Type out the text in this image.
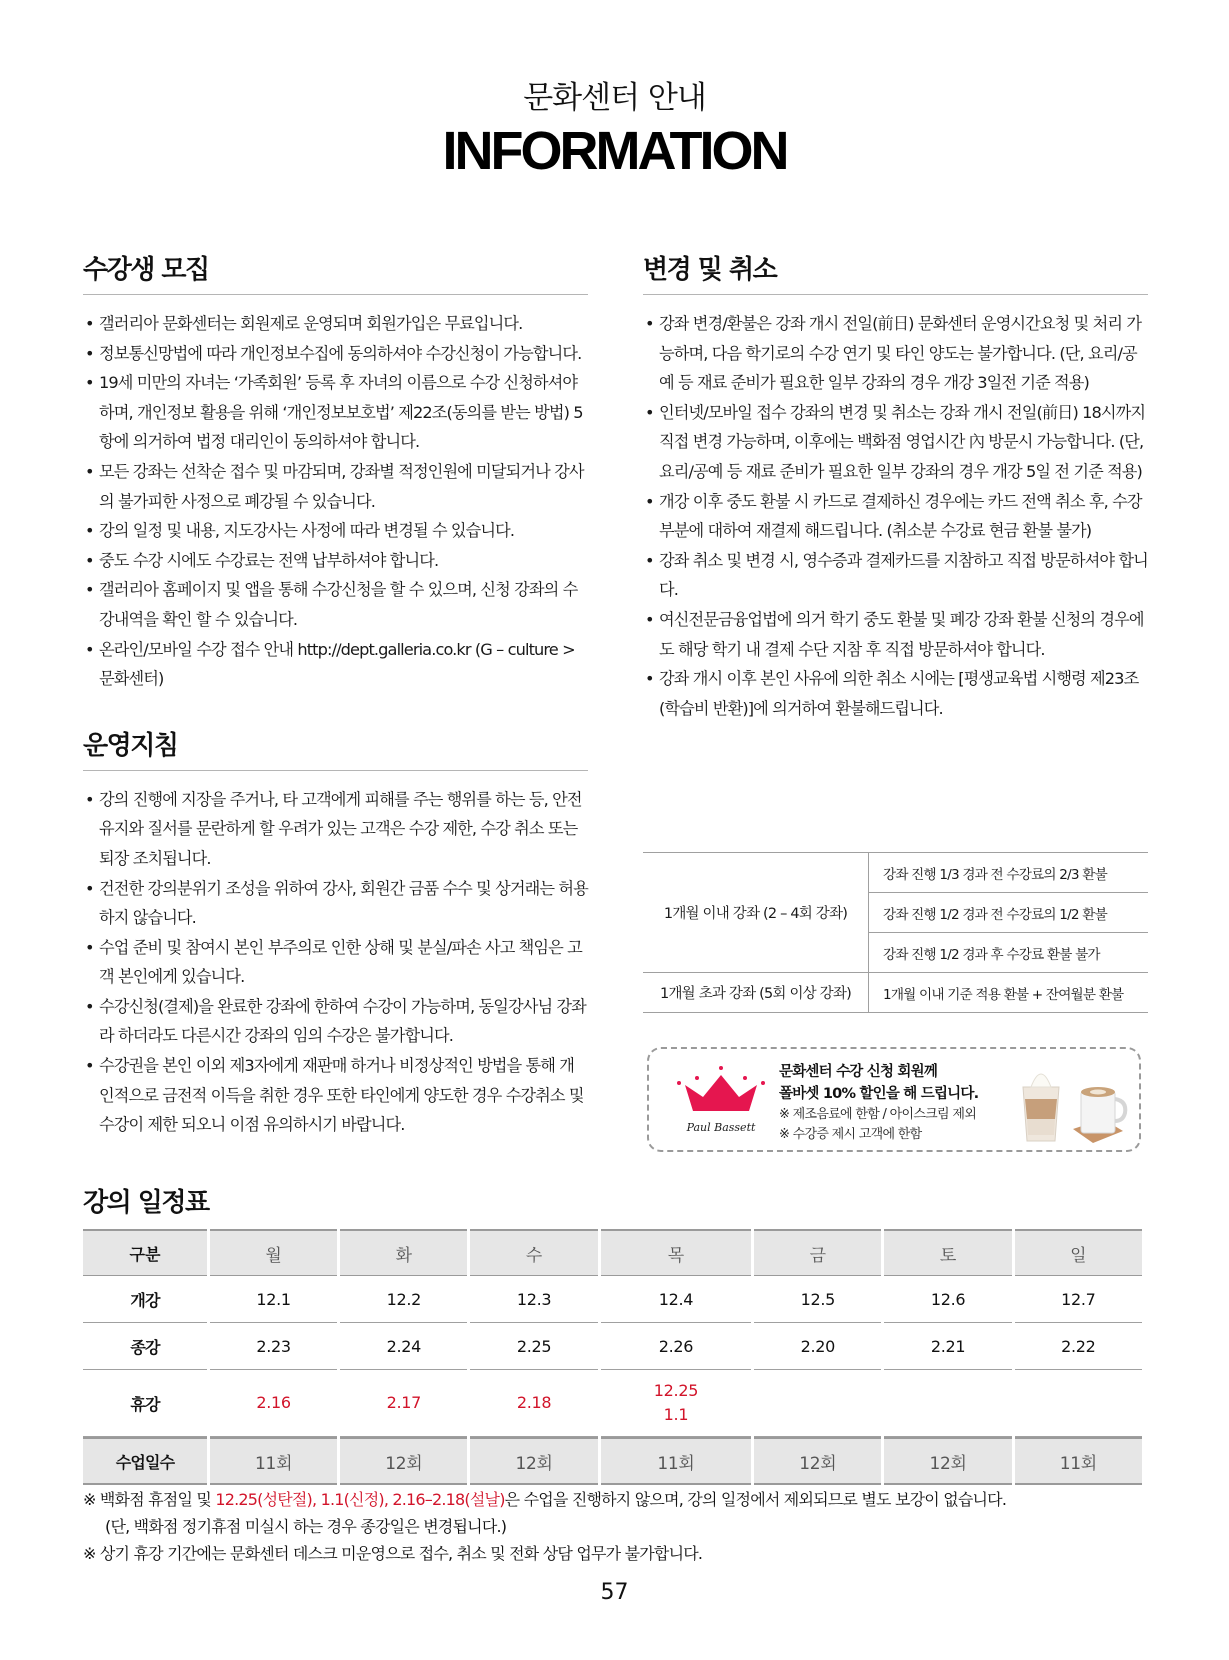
문화센터 안내
INFORMATION
수강생 모집
• 갤러리아 문화센터는 회원제로 운영되며 회원가입은 무료입니다.
• 정보통신망법에 따라 개인정보수집에 동의하셔야 수강신청이 가능합니다.
• 19세 미만의 자녀는 ‘가족회원’ 등록 후 자녀의 이름으로 수강 신청하셔야 하며, 개인정보 활용을 위해 ‘개인정보보호법’ 제22조(동의를 받는 방법) 5항에 의거하여 법정 대리인이 동의하셔야 합니다.
• 모든 강좌는 선착순 접수 및 마감되며, 강좌별 적정인원에 미달되거나 강사의 불가피한 사정으로 폐강될 수 있습니다.
• 강의 일정 및 내용, 지도강사는 사정에 따라 변경될 수 있습니다.
• 중도 수강 시에도 수강료는 전액 납부하셔야 합니다.
• 갤러리아 홈페이지 및 앱을 통해 수강신청을 할 수 있으며, 신청 강좌의 수강내역을 확인 할 수 있습니다.
• 온라인/모바일 수강 접수 안내 http://dept.galleria.co.kr (G – culture > 문화센터)
운영지침
• 강의 진행에 지장을 주거나, 타 고객에게 피해를 주는 행위를 하는 등, 안전 유지와 질서를 문란하게 할 우려가 있는 고객은 수강 제한, 수강 취소 또는 퇴장 조치됩니다.
• 건전한 강의분위기 조성을 위하여 강사, 회원간 금품 수수 및 상거래는 허용하지 않습니다.
• 수업 준비 및 참여시 본인 부주의로 인한 상해 및 분실/파손 사고 책임은 고객 본인에게 있습니다.
• 수강신청(결제)을 완료한 강좌에 한하여 수강이 가능하며, 동일강사님 강좌라 하더라도 다른시간 강좌의 임의 수강은 불가합니다.
• 수강권을 본인 이외 제3자에게 재판매 하거나 비정상적인 방법을 통해 개인적으로 금전적 이득을 취한 경우 또한 타인에게 양도한 경우 수강취소 및 수강이 제한 되오니 이점 유의하시기 바랍니다.
변경 및 취소
• 강좌 변경/환불은 강좌 개시 전일(前日) 문화센터 운영시간요청 및 처리 가능하며, 다음 학기로의 수강 연기 및 타인 양도는 불가합니다. (단, 요리/공예 등 재료 준비가 필요한 일부 강좌의 경우 개강 3일전 기준 적용)
• 인터넷/모바일 접수 강좌의 변경 및 취소는 강좌 개시 전일(前日) 18시까지 직접 변경 가능하며, 이후에는 백화점 영업시간 內 방문시 가능합니다. (단, 요리/공예 등 재료 준비가 필요한 일부 강좌의 경우 개강 5일 전 기준 적용)
• 개강 이후 중도 환불 시 카드로 결제하신 경우에는 카드 전액 취소 후, 수강부분에 대하여 재결제 해드립니다. (취소분 수강료 현금 환불 불가)
• 강좌 취소 및 변경 시, 영수증과 결제카드를 지참하고 직접 방문하셔야 합니다.
• 여신전문금융업법에 의거 학기 중도 환불 및 폐강 강좌 환불 신청의 경우에도 해당 학기 내 결제 수단 지참 후 직접 방문하셔야 합니다.
• 강좌 개시 이후 본인 사유에 의한 취소 시에는 [평생교육법 시행령 제23조(학습비 반환)]에 의거하여 환불해드립니다.
1개월 이내 강좌 (2 – 4회 강좌)	강좌 진행 1/3 경과 전 수강료의 2/3 환불
	강좌 진행 1/2 경과 전 수강료의 1/2 환불
	강좌 진행 1/2 경과 후 수강료 환불 불가
1개월 초과 강좌 (5회 이상 강좌)	1개월 이내 기준 적용 환불 + 잔여월분 환불
Paul Bassett
문화센터 수강 신청 회원께
폴바셋 10% 할인을 해 드립니다.
※ 제조음료에 한함 / 아이스크림 제외
※ 수강증 제시 고객에 한함
강의 일정표
구분	월	화	수	목	금	토	일
개강	12.1	12.2	12.3	12.4	12.5	12.6	12.7
종강	2.23	2.24	2.25	2.26	2.20	2.21	2.22
휴강	2.16	2.17	2.18	12.25
1.1			

수업일수	11회	12회	12회	11회	12회	12회	11회
※ 백화점 휴점일 및 12.25(성탄절), 1.1(신정), 2.16–2.18(설날)은 수업을 진행하지 않으며, 강의 일정에서 제외되므로 별도 보강이 없습니다.
(단, 백화점 정기휴점 미실시 하는 경우 종강일은 변경됩니다.)
※ 상기 휴강 기간에는 문화센터 데스크 미운영으로 접수, 취소 및 전화 상담 업무가 불가합니다.
57
